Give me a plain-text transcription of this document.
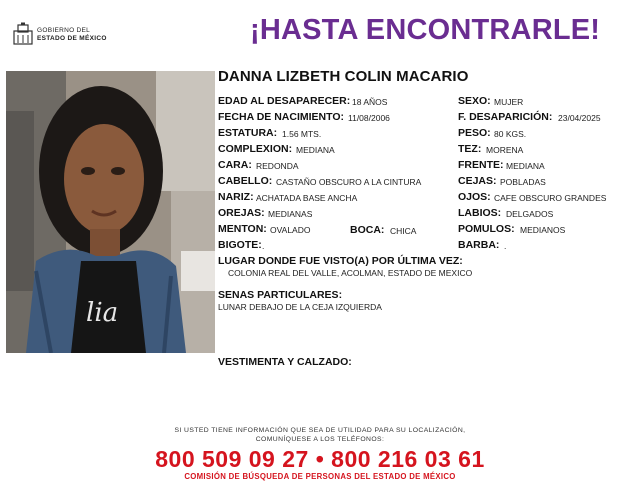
GOBIERNO DEL
ESTADO DE MÉXICO	¡HASTA ENCONTRARLE!
lia
DANNA LIZBETH COLIN MACARIO
EDAD AL DESAPARECER: 18 AÑOS
FECHA DE NACIMIENTO: 11/08/2006
ESTATURA: 1.56 MTS.
COMPLEXION: MEDIANA
CARA: REDONDA
CABELLO: CASTAÑO OBSCURO A LA CINTURA
NARIZ: ACHATADA BASE ANCHA
OREJAS: MEDIANAS
MENTON: OVALADO	BOCA: CHICA
BIGOTE: .
SEXO: MUJER
F. DESAPARICIÓN: 23/04/2025
PESO: 80 KGS.
TEZ: MORENA
FRENTE: MEDIANA
CEJAS: POBLADAS
OJOS: CAFE OBSCURO GRANDES
LABIOS: DELGADOS
POMULOS: MEDIANOS
BARBA: .
LUGAR DONDE FUE VISTO(A) POR ÚLTIMA VEZ:
COLONIA REAL DEL VALLE, ACOLMAN, ESTADO DE MEXICO
SENAS PARTICULARES:
LUNAR DEBAJO DE LA CEJA IZQUIERDA
VESTIMENTA Y CALZADO:
SI USTED TIENE INFORMACIÓN QUE SEA DE UTILIDAD PARA SU LOCALIZACIÓN,
COMUNÍQUESE A LOS TELÉFONOS:
800 509 09 27 • 800 216 03 61
COMISIÓN DE BÚSQUEDA DE PERSONAS DEL ESTADO DE MÉXICO
